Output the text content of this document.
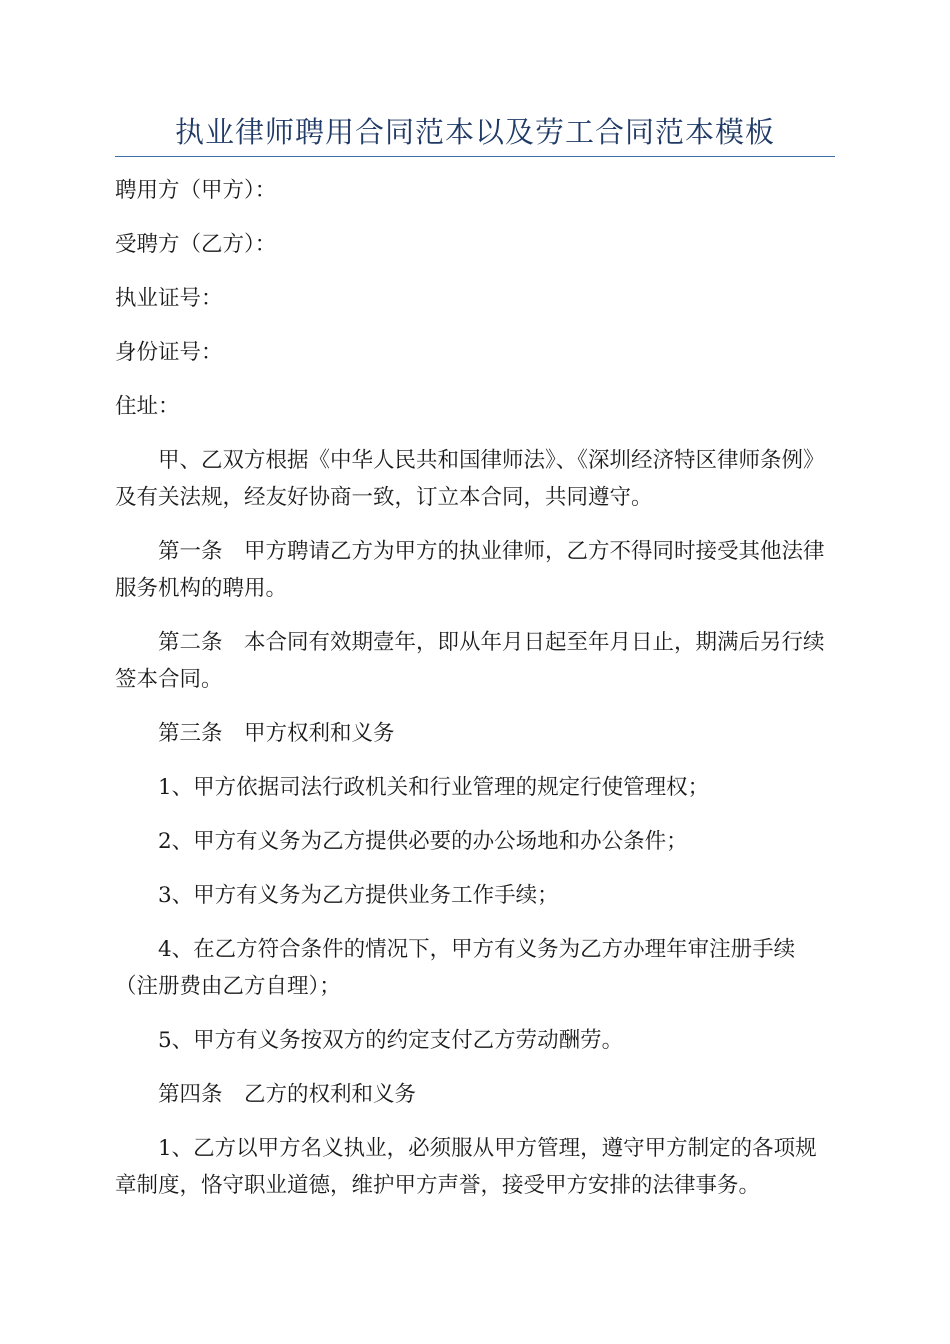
执业律师聘用合同范本以及劳工合同范本模板

聘用方（甲方）：

受聘方（乙方）：

执业证号：

身份证号：

住址：

甲、乙双方根据《中华人民共和国律师法》、《深圳经济特区律师条例》及有关法规，经友好协商一致，订立本合同，共同遵守。

第一条　甲方聘请乙方为甲方的执业律师，乙方不得同时接受其他法律服务机构的聘用。

第二条　本合同有效期壹年，即从年月日起至年月日止，期满后另行续签本合同。

第三条　甲方权利和义务

1、甲方依据司法行政机关和行业管理的规定行使管理权；

2、甲方有义务为乙方提供必要的办公场地和办公条件；

3、甲方有义务为乙方提供业务工作手续；

4、在乙方符合条件的情况下，甲方有义务为乙方办理年审注册手续（注册费由乙方自理）；

5、甲方有义务按双方的约定支付乙方劳动酬劳。

第四条　乙方的权利和义务

1、乙方以甲方名义执业，必须服从甲方管理，遵守甲方制定的各项规章制度，恪守职业道德，维护甲方声誉，接受甲方安排的法律事务。
